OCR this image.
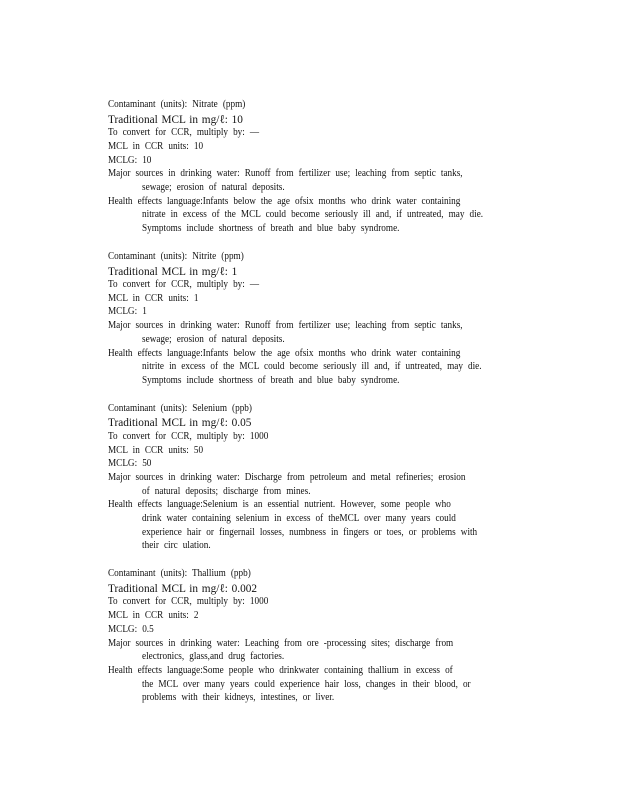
Contaminant (units): Nitrate (ppm)
Traditional MCL in mg/ℓ: 10
To convert for CCR, multiply by: —
MCL in CCR units: 10
MCLG: 10
Major sources in drinking water: Runoff from fertilizer use; leaching from septic tanks,
sewage; erosion of natural deposits.
Health effects language:Infants below the age ofsix months who drink water containing
nitrate in excess of the MCL could become seriously ill and, if untreated, may die.
Symptoms include shortness of breath and blue baby syndrome.
Contaminant (units): Nitrite (ppm)
Traditional MCL in mg/ℓ: 1
To convert for CCR, multiply by: —
MCL in CCR units: 1
MCLG: 1
Major sources in drinking water: Runoff from fertilizer use; leaching from septic tanks,
sewage; erosion of natural deposits.
Health effects language:Infants below the age ofsix months who drink water containing
nitrite in excess of the MCL could become seriously ill and, if untreated, may die.
Symptoms include shortness of breath and blue baby syndrome.
Contaminant (units): Selenium (ppb)
Traditional MCL in mg/ℓ: 0.05
To convert for CCR, multiply by: 1000
MCL in CCR units: 50
MCLG: 50
Major sources in drinking water: Discharge from petroleum and metal refineries; erosion
of natural deposits; discharge from mines.
Health effects language:Selenium is an essential nutrient. However, some people who
drink water containing selenium in excess of theMCL over many years could
experience hair or fingernail losses, numbness in fingers or toes, or problems with
their circ ulation.
Contaminant (units): Thallium (ppb)
Traditional MCL in mg/ℓ: 0.002
To convert for CCR, multiply by: 1000
MCL in CCR units: 2
MCLG: 0.5
Major sources in drinking water: Leaching from ore -processing sites; discharge from
electronics, glass,and drug factories.
Health effects language:Some people who drinkwater containing thallium in excess of
the MCL over many years could experience hair loss, changes in their blood, or
problems with their kidneys, intestines, or liver.
